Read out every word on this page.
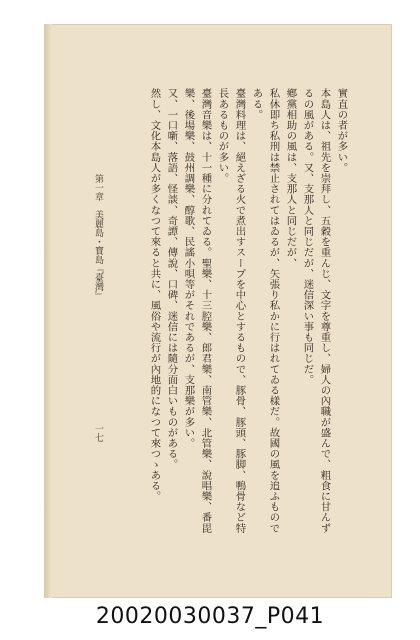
實直の者が多い。
本島人は、祖先を崇拜し、五穀を重んじ、文字を尊重し、婦人の內職が盛んで、粗食に甘んず
るの風がある。又、支那人と同じだが、迷信深い事も同じだ。
鄕黨相助の風は、支那人と同じだが、
私休即ち私刑は禁止されてはゐるが、矢張り私かに行はれてゐる樣だ。故國の風を追ふもので
ある。
臺灣料理は、絕えざる火で煮出すスープを中心とするもので、豚骨、豚頭、豚脚、鴨骨など特
長あるものが多い。
臺灣音樂は、十一種に分れてゐる。聖樂、十三腔樂、郎君樂、南管樂、北管樂、說唱樂、番毘
樂、後場樂、鼓州調樂、醇歌、民謠小唄等がそれであるが、支那樂が多い。
又、一口噺、落語、怪談、奇譚、傳說、口碑、迷信には隨分面白いものがある。
然し、文化本島人が多くなつて來ると共に、風俗や流行が內地的になつて來つゝある。
第一章　美麗島・寶島『臺灣』
一七
20020030037_P041
